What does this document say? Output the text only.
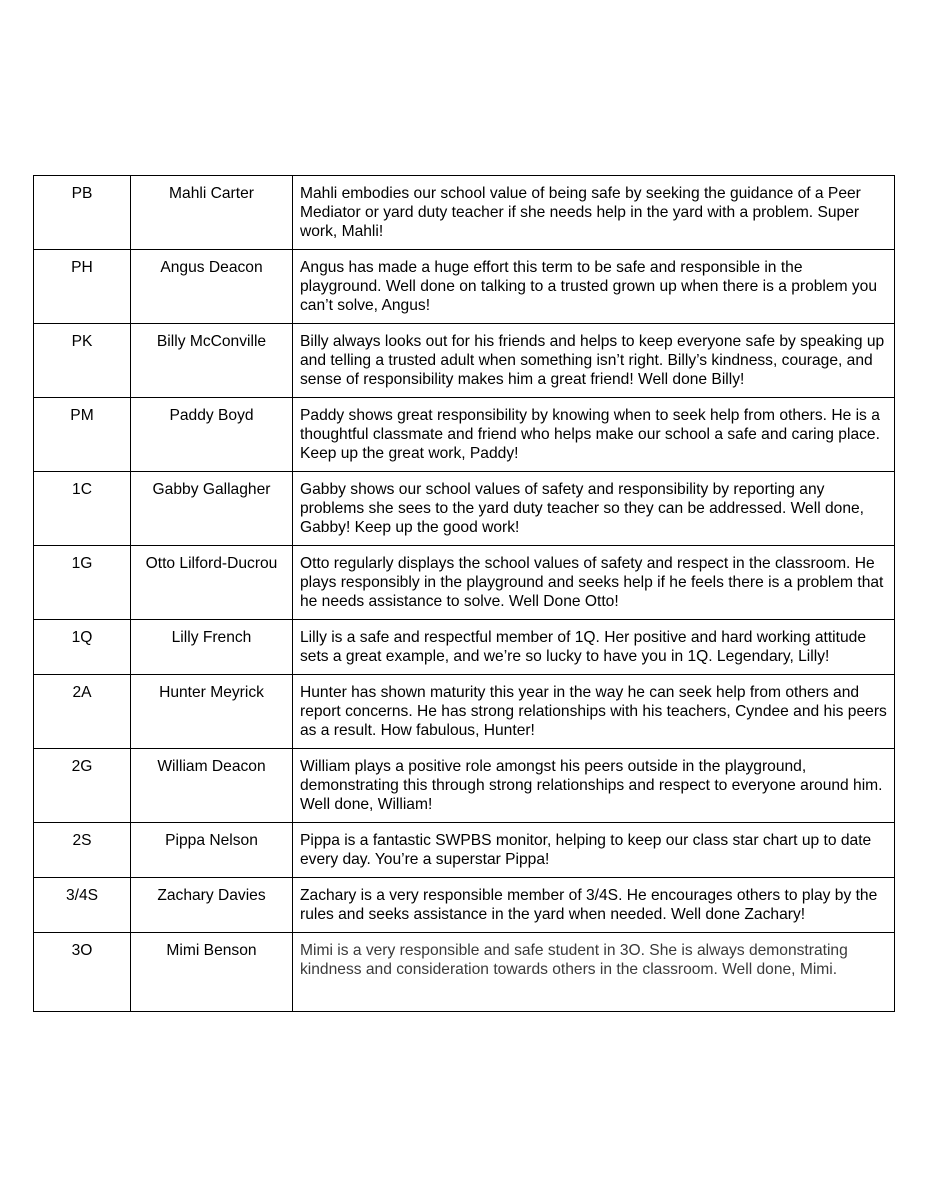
PB	Mahli Carter	Mahli embodies our school value of being safe by seeking the guidance of a Peer Mediator or yard duty teacher if she needs help in the yard with a problem. Super work, Mahli!
PH	Angus Deacon	Angus has made a huge effort this term to be safe and responsible in the playground. Well done on talking to a trusted grown up when there is a problem you can’t solve, Angus!
PK	Billy McConville	Billy always looks out for his friends and helps to keep everyone safe by speaking up and telling a trusted adult when something isn’t right. Billy’s kindness, courage, and sense of responsibility makes him a great friend! Well done Billy!
PM	Paddy Boyd	Paddy shows great responsibility by knowing when to seek help from others. He is a thoughtful classmate and friend who helps make our school a safe and caring place. Keep up the great work, Paddy!
1C	Gabby Gallagher	Gabby shows our school values of safety and responsibility by reporting any problems she sees to the yard duty teacher so they can be addressed. Well done, Gabby! Keep up the good work!
1G	Otto Lilford-Ducrou	Otto regularly displays the school values of safety and respect in the classroom. He plays responsibly in the playground and seeks help if he feels there is a problem that he needs assistance to solve. Well Done Otto!
1Q	Lilly French	Lilly is a safe and respectful member of 1Q. Her positive and hard working attitude sets a great example, and we’re so lucky to have you in 1Q. Legendary, Lilly!
2A	Hunter Meyrick	Hunter has shown maturity this year in the way he can seek help from others and report concerns. He has strong relationships with his teachers, Cyndee and his peers as a result. How fabulous, Hunter!
2G	William Deacon	William plays a positive role amongst his peers outside in the playground, demonstrating this through strong relationships and respect to everyone around him. Well done, William!
2S	Pippa Nelson	Pippa is a fantastic SWPBS monitor, helping to keep our class star chart up to date every day. You’re a superstar Pippa!
3/4S	Zachary Davies	Zachary is a very responsible member of 3/4S. He encourages others to play by the rules and seeks assistance in the yard when needed. Well done Zachary!
3O	Mimi Benson	Mimi is a very responsible and safe student in 3O. She is always demonstrating kindness and consideration towards others in the classroom. Well done, Mimi.
